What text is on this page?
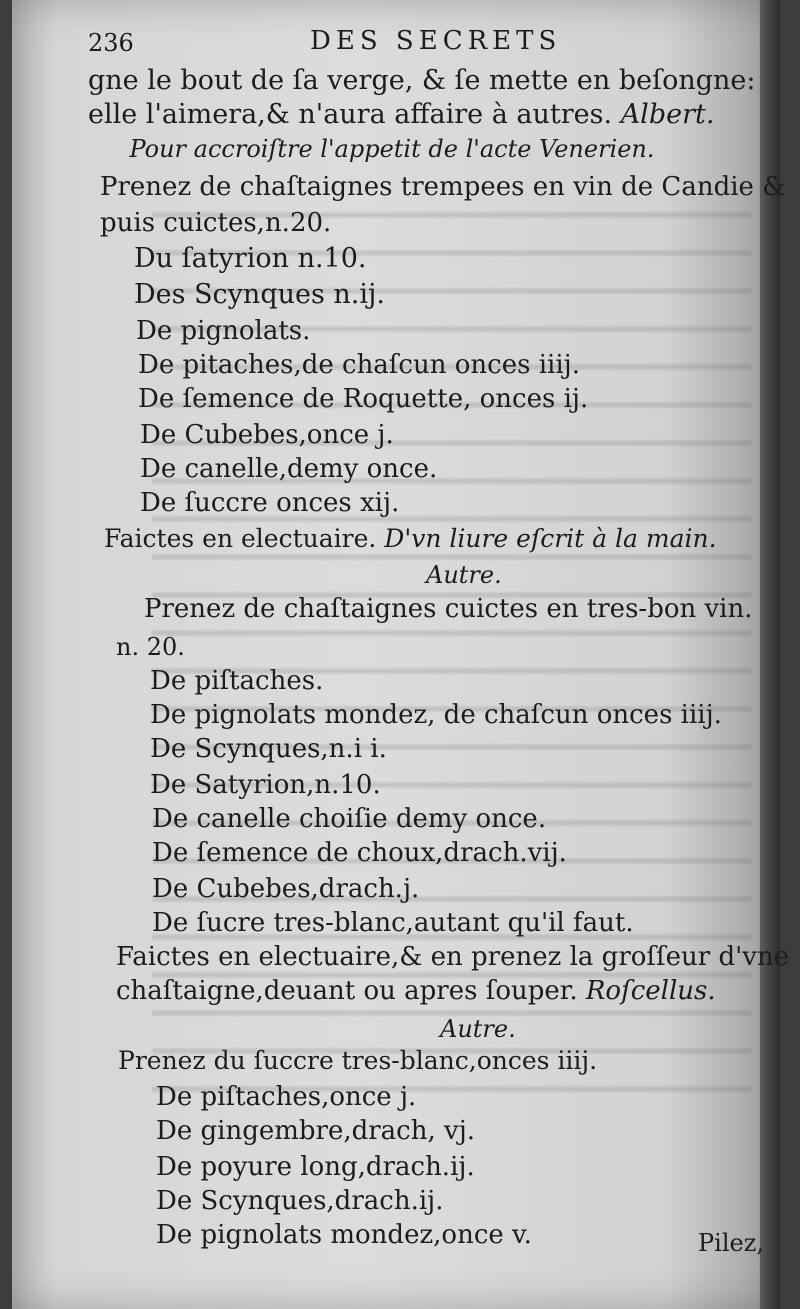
236	DES SECRETS
gne le bout de ſa verge, & ſe mette en beſongne:
elle l'aimera,& n'aura affaire à autres. Albert.
Pour accroiſtre l'appetit de l'acte Venerien.
Prenez de chaſtaignes trempees en vin de Candie &
puis cuictes,n.20.
Du ſatyrion n.10.
Des Scynques n.ij.
De pignolats.
De pitaches,de chaſcun onces iiij.
De ſemence de Roquette, onces ij.
De Cubebes,once j.
De canelle,demy once.
De ſuccre onces xij.
Faictes en electuaire. D'vn liure eſcrit à la main.
Autre.
Prenez de chaſtaignes cuictes en tres-bon vin.
n. 20.
De piſtaches.
De pignolats mondez, de chaſcun onces iiij.
De Scynques,n.i i.
De Satyrion,n.10.
De canelle choiſie demy once.
De ſemence de choux,drach.vij.
De Cubebes,drach.j.
De ſucre tres-blanc,autant qu'il faut.
Faictes en electuaire,& en prenez la groſſeur d'vne
chaſtaigne,deuant ou apres ſouper. Roſcellus.
Autre.
Prenez du ſuccre tres-blanc,onces iiij.
De piſtaches,once j.
De gingembre,drach, vj.
De poyure long,drach.ij.
De Scynques,drach.ij.
De pignolats mondez,once v.	Pilez,
